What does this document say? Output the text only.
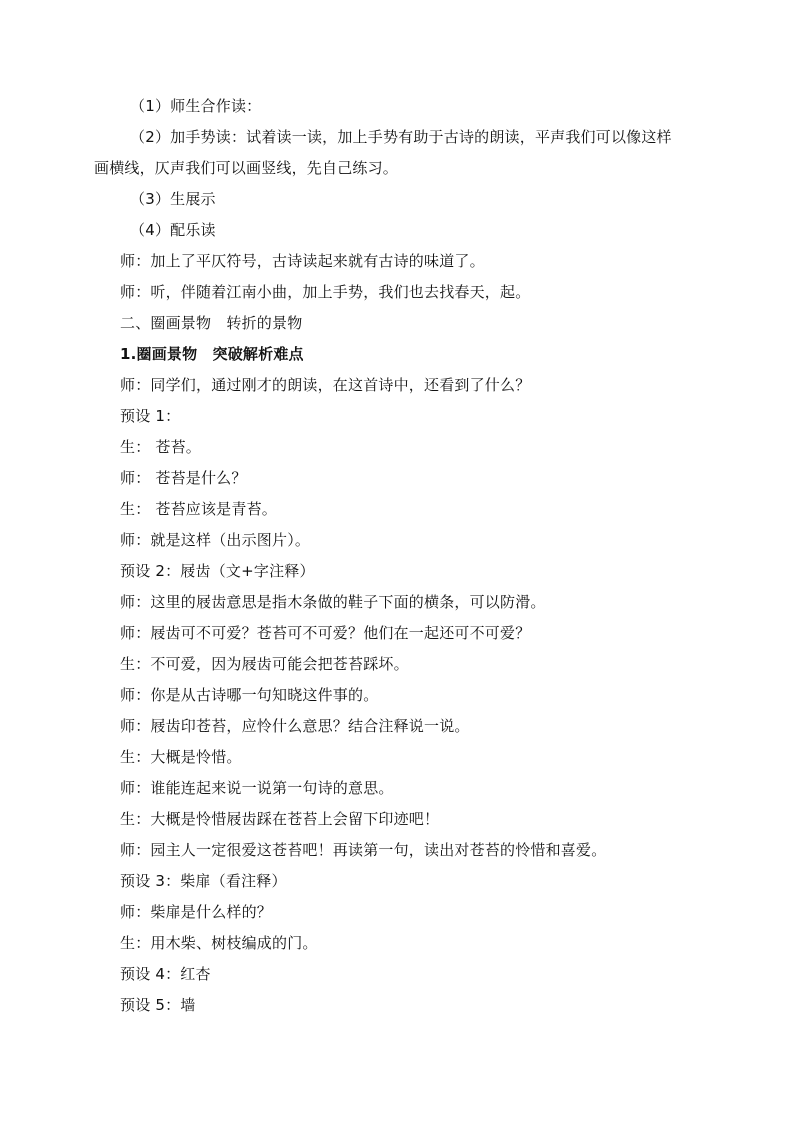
（1）师生合作读：
（2）加手势读：试着读一读，加上手势有助于古诗的朗读，平声我们可以像这样
画横线，仄声我们可以画竖线，先自己练习。
（3）生展示
（4）配乐读
师：加上了平仄符号，古诗读起来就有古诗的味道了。
师：听，伴随着江南小曲，加上手势，我们也去找春天，起。
二、圈画景物　转折的景物
1.圈画景物　突破解析难点
师：同学们，通过刚才的朗读，在这首诗中，还看到了什么？
预设 1：
生： 苍苔。
师： 苍苔是什么？
生： 苍苔应该是青苔。
师：就是这样（出示图片）。
预设 2：屐齿（文+字注释）
师：这里的屐齿意思是指木条做的鞋子下面的横条，可以防滑。
师：屐齿可不可爱？苍苔可不可爱？他们在一起还可不可爱？
生：不可爱，因为屐齿可能会把苍苔踩坏。
师：你是从古诗哪一句知晓这件事的。
师：屐齿印苍苔，应怜什么意思？结合注释说一说。
生：大概是怜惜。
师：谁能连起来说一说第一句诗的意思。
生：大概是怜惜屐齿踩在苍苔上会留下印迹吧！
师：园主人一定很爱这苍苔吧！再读第一句，读出对苍苔的怜惜和喜爱。
预设 3：柴扉（看注释）
师：柴扉是什么样的？
生：用木柴、树枝编成的门。
预设 4：红杏
预设 5：墙
